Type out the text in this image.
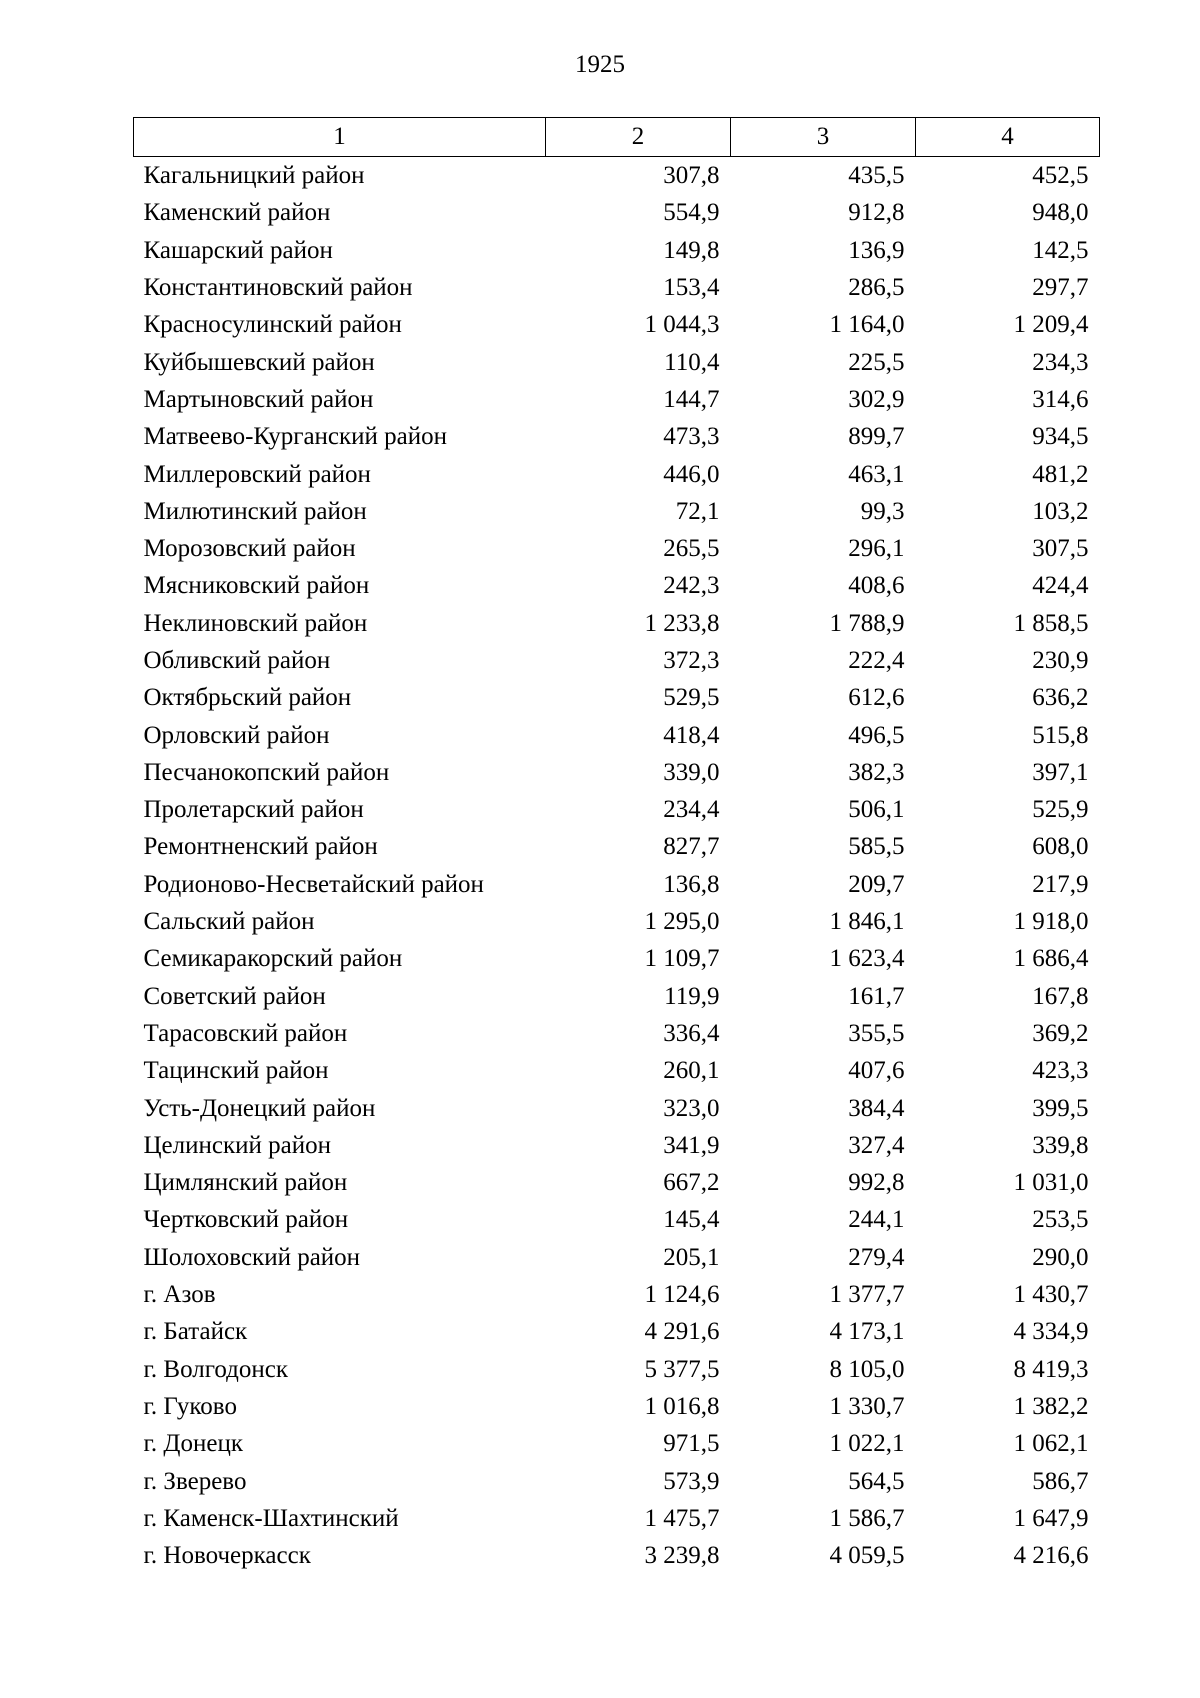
1925
1	2	3	4
Кагальницкий район	307,8	435,5	452,5
Каменский район	554,9	912,8	948,0
Кашарский район	149,8	136,9	142,5
Константиновский район	153,4	286,5	297,7
Красносулинский район	1 044,3	1 164,0	1 209,4
Куйбышевский район	110,4	225,5	234,3
Мартыновский район	144,7	302,9	314,6
Матвеево-Курганский район	473,3	899,7	934,5
Миллеровский район	446,0	463,1	481,2
Милютинский район	72,1	99,3	103,2
Морозовский район	265,5	296,1	307,5
Мясниковский район	242,3	408,6	424,4
Неклиновский район	1 233,8	1 788,9	1 858,5
Обливский район	372,3	222,4	230,9
Октябрьский район	529,5	612,6	636,2
Орловский район	418,4	496,5	515,8
Песчанокопский район	339,0	382,3	397,1
Пролетарский район	234,4	506,1	525,9
Ремонтненский район	827,7	585,5	608,0
Родионово-Несветайский район	136,8	209,7	217,9
Сальский район	1 295,0	1 846,1	1 918,0
Семикаракорский район	1 109,7	1 623,4	1 686,4
Советский район	119,9	161,7	167,8
Тарасовский район	336,4	355,5	369,2
Тацинский район	260,1	407,6	423,3
Усть-Донецкий район	323,0	384,4	399,5
Целинский район	341,9	327,4	339,8
Цимлянский район	667,2	992,8	1 031,0
Чертковский район	145,4	244,1	253,5
Шолоховский район	205,1	279,4	290,0
г. Азов	1 124,6	1 377,7	1 430,7
г. Батайск	4 291,6	4 173,1	4 334,9
г. Волгодонск	5 377,5	8 105,0	8 419,3
г. Гуково	1 016,8	1 330,7	1 382,2
г. Донецк	971,5	1 022,1	1 062,1
г. Зверево	573,9	564,5	586,7
г. Каменск-Шахтинский	1 475,7	1 586,7	1 647,9
г. Новочеркасск	3 239,8	4 059,5	4 216,6
